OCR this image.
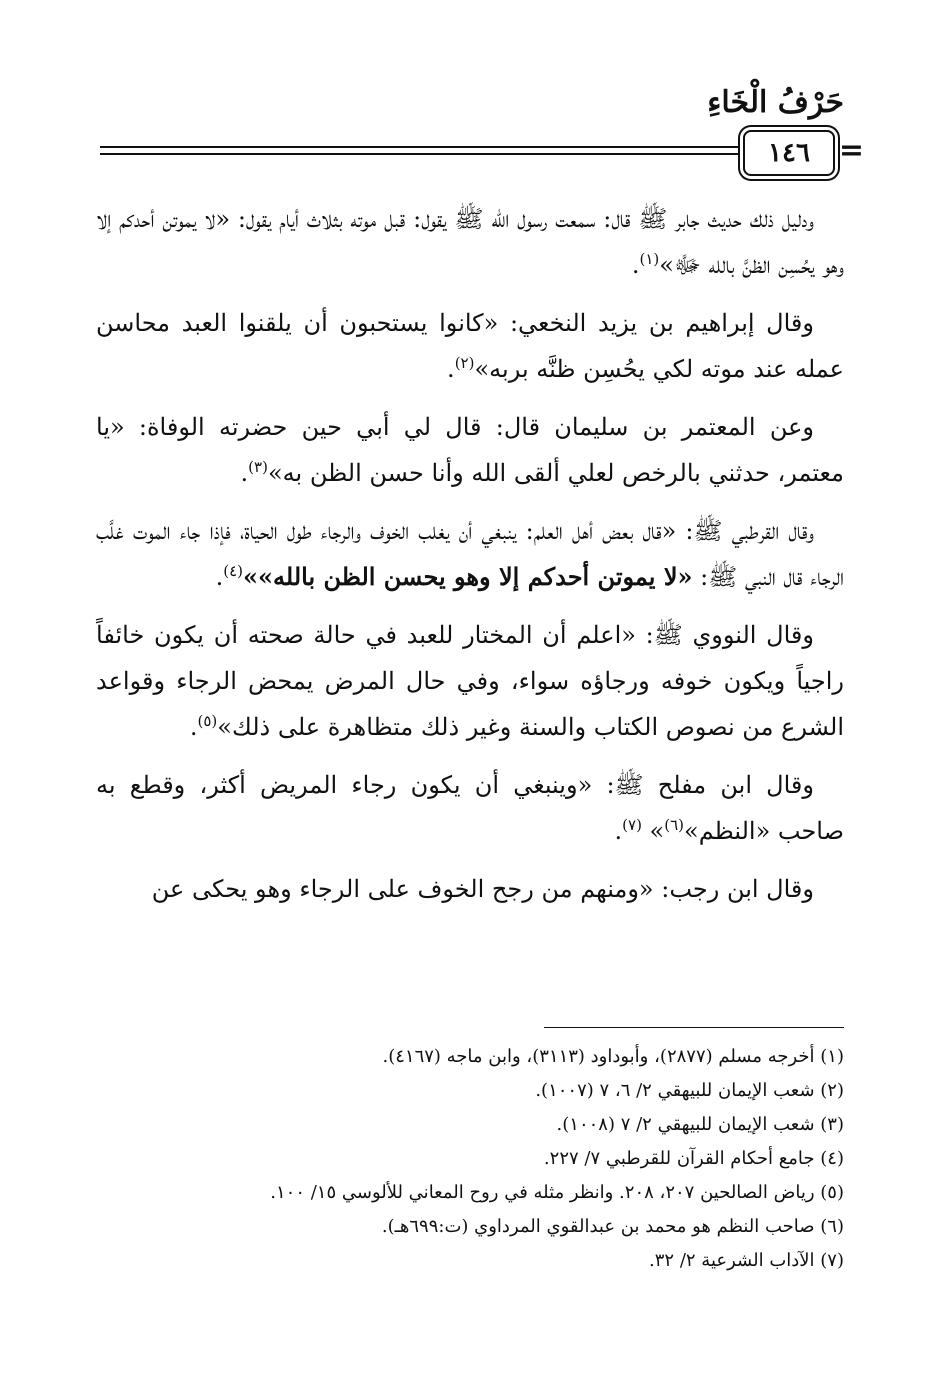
حَرْفُ الْخَاءِ
١٤٦ =

ودليل ذلك حديث جابر ﷺ قال: سمعت رسول الله ﷺ يقول: قبل موته بثلاث أيام يقول: «لا يموتن أحدكم إلا وهو يحُسِن الظنَّ بالله ﷻ»$^{(١)}$.

وقال إبراهيم بن يزيد النخعي: «كانوا يستحبون أن يلقنوا العبد محاسن عمله عند موته لكي يحُسِن ظنَّه بربه»$^{(٢)}$.

وعن المعتمر بن سليمان قال: قال لي أبي حين حضرته الوفاة: «يا معتمر، حدثني بالرخص لعلي ألقى الله وأنا حسن الظن به»$^{(٣)}$.

وقال القرطبي ﷺ: «قال بعض أهل العلم: ينبغي أن يغلب الخوف والرجاء طول الحياة، فإذا جاء الموت غلَّب الرجاء قال النبي ﷺ: «لا يموتن أحدكم إلا وهو يحسن الظن بالله»»$^{(٤)}$.

وقال النووي ﷺ: «اعلم أن المختار للعبد في حالة صحته أن يكون خائفاً راجياً ويكون خوفه ورجاؤه سواء، وفي حال المرض يمحض الرجاء وقواعد الشرع من نصوص الكتاب والسنة وغير ذلك متظاهرة على ذلك»$^{(٥)}$.

وقال ابن مفلح ﷺ: «وينبغي أن يكون رجاء المريض أكثر، وقطع به صاحب «النظم»$^{(٦)}$» $^{(٧)}$.

وقال ابن رجب: «ومنهم من رجح الخوف على الرجاء وهو يحكى عن

(١) أخرجه مسلم (٢٨٧٧)، وأبوداود (٣١١٣)، وابن ماجه (٤١٦٧).

(٢) شعب الإيمان للبيهقي ٢/ ٦، ٧ (١٠٠٧).

(٣) شعب الإيمان للبيهقي ٢/ ٧ (١٠٠٨).

(٤) جامع أحكام القرآن للقرطبي ٧/ ٢٢٧.

(٥) رياض الصالحين ٢٠٧، ٢٠٨. وانظر مثله في روح المعاني للألوسي ١٥/ ١٠٠.

(٦) صاحب النظم هو محمد بن عبدالقوي المرداوي (ت:٦٩٩هـ).

(٧) الآداب الشرعية ٢/ ٣٢.
